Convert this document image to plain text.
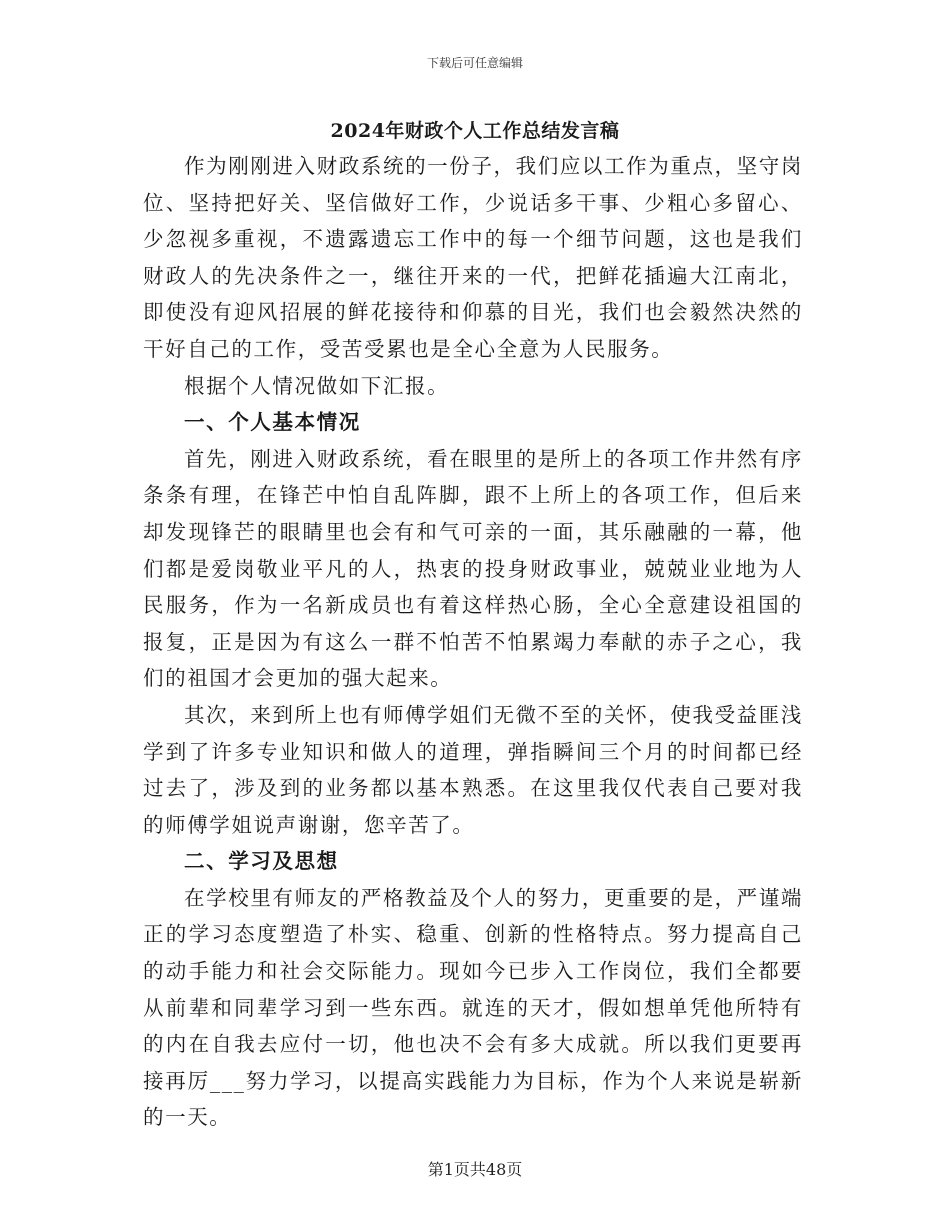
下载后可任意编辑
2024年财政个人工作总结发言稿

作为刚刚进入财政系统的一份子，我们应以工作为重点，坚守岗位、坚持把好关、坚信做好工作，少说话多干事、少粗心多留心、少忽视多重视，不遗露遗忘工作中的每一个细节问题，这也是我们财政人的先决条件之一，继往开来的一代，把鲜花插遍大江南北，即使没有迎风招展的鲜花接待和仰慕的目光，我们也会毅然决然的干好自己的工作，受苦受累也是全心全意为人民服务。

根据个人情况做如下汇报。

一、个人基本情况

首先，刚进入财政系统，看在眼里的是所上的各项工作井然有序条条有理，在锋芒中怕自乱阵脚，跟不上所上的各项工作，但后来却发现锋芒的眼睛里也会有和气可亲的一面，其乐融融的一幕，他们都是爱岗敬业平凡的人，热衷的投身财政事业，兢兢业业地为人民服务，作为一名新成员也有着这样热心肠，全心全意建设祖国的报复，正是因为有这么一群不怕苦不怕累竭力奉献的赤子之心，我们的祖国才会更加的强大起来。

其次，来到所上也有师傅学姐们无微不至的关怀，使我受益匪浅学到了许多专业知识和做人的道理，弹指瞬间三个月的时间都已经过去了，涉及到的业务都以基本熟悉。在这里我仅代表自己要对我的师傅学姐说声谢谢，您辛苦了。

二、学习及思想

在学校里有师友的严格教益及个人的努力，更重要的是，严谨端正的学习态度塑造了朴实、稳重、创新的性格特点。努力提高自己的动手能力和社会交际能力。现如今已步入工作岗位，我们全都要从前辈和同辈学习到一些东西。就连的天才，假如想单凭他所特有的内在自我去应付一切，他也决不会有多大成就。所以我们更要再接再厉___努力学习，以提高实践能力为目标，作为个人来说是崭新的一天。

第1页共48页
